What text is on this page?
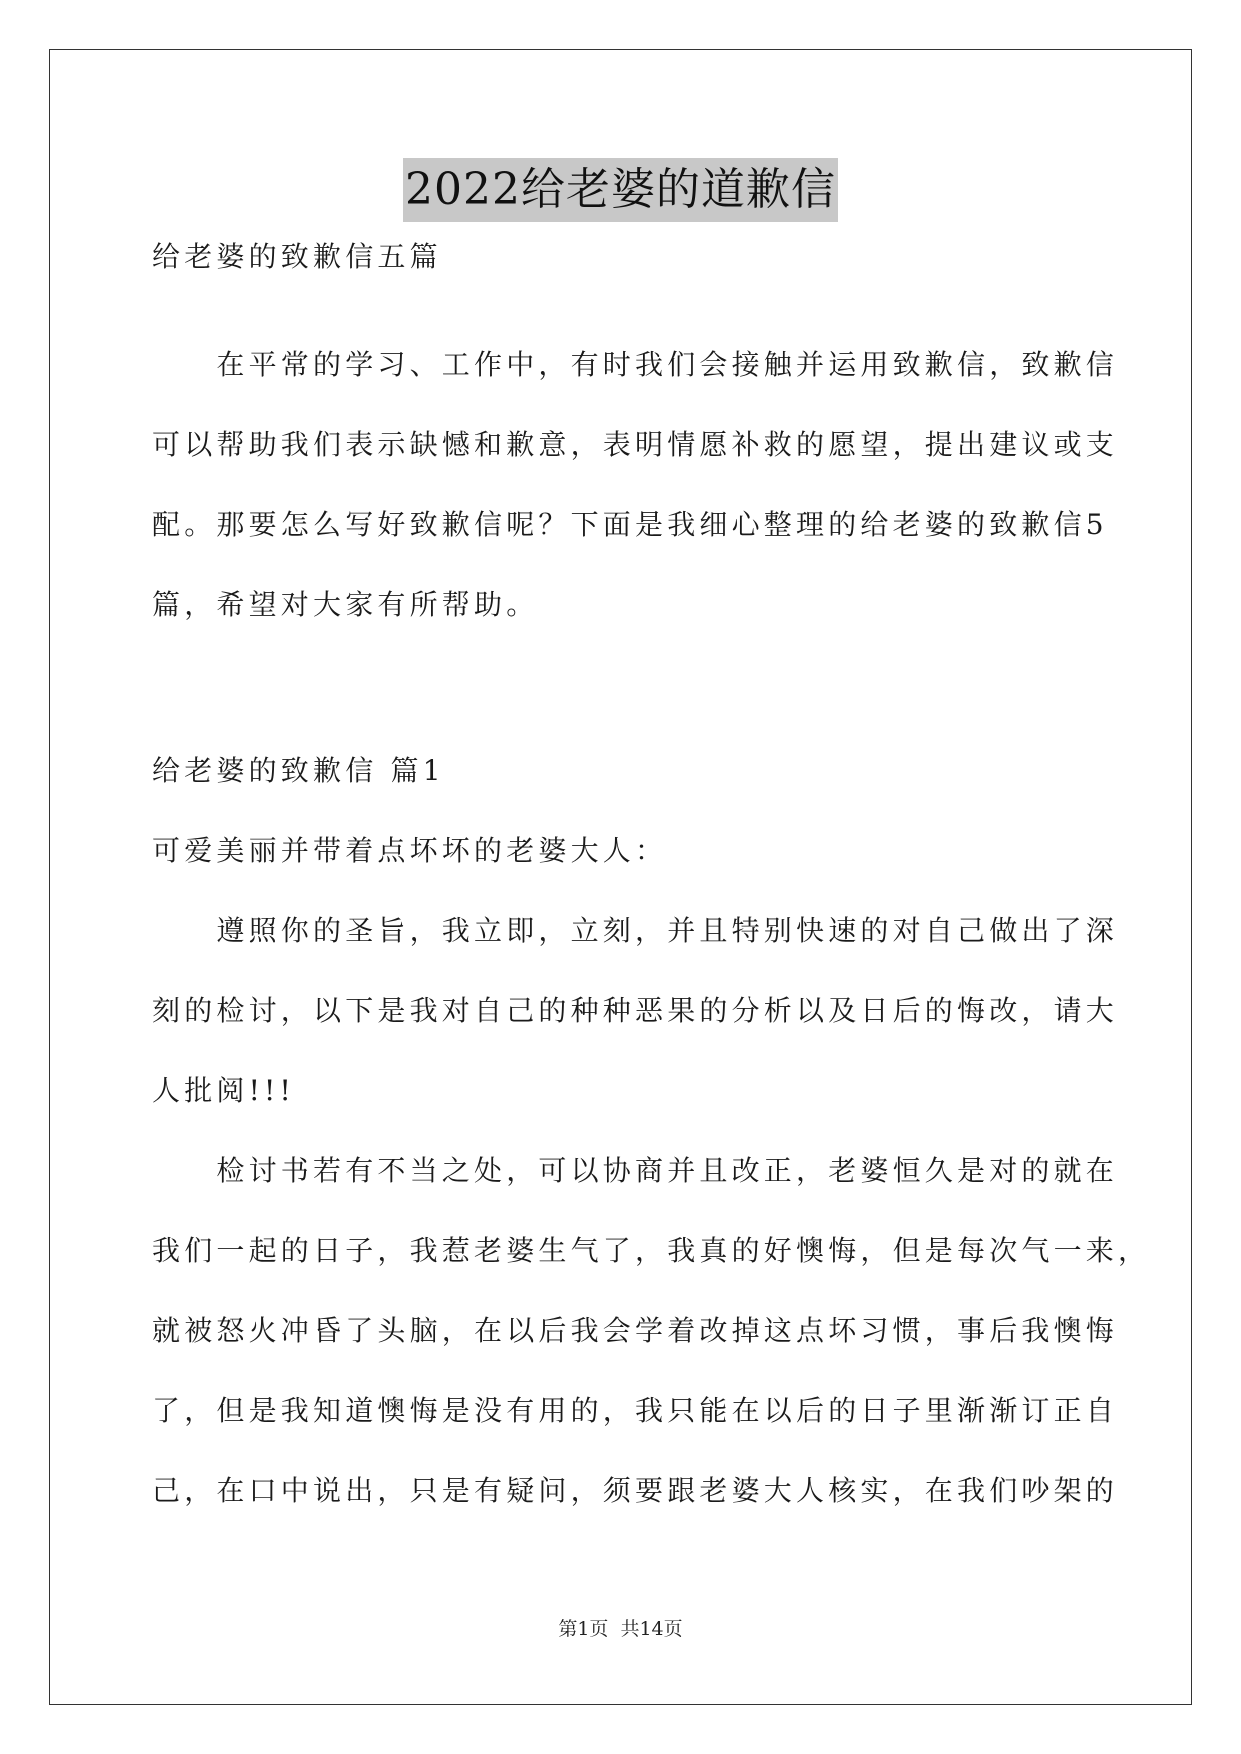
2022给老婆的道歉信
给老婆的致歉信五篇
　　在平常的学习、工作中，有时我们会接触并运用致歉信，致歉信
可以帮助我们表示缺憾和歉意，表明情愿补救的愿望，提出建议或支
配。那要怎么写好致歉信呢？下面是我细心整理的给老婆的致歉信5
篇，希望对大家有所帮助。
给老婆的致歉信 篇1
可爱美丽并带着点坏坏的老婆大人：
　　遵照你的圣旨，我立即，立刻，并且特别快速的对自己做出了深
刻的检讨，以下是我对自己的种种恶果的分析以及日后的悔改，请大
人批阅!!!
　　检讨书若有不当之处，可以协商并且改正，老婆恒久是对的就在
我们一起的日子，我惹老婆生气了，我真的好懊悔，但是每次气一来，
就被怒火冲昏了头脑，在以后我会学着改掉这点坏习惯，事后我懊悔
了，但是我知道懊悔是没有用的，我只能在以后的日子里渐渐订正自
己，在口中说出，只是有疑问，须要跟老婆大人核实，在我们吵架的
第1页 共14页
